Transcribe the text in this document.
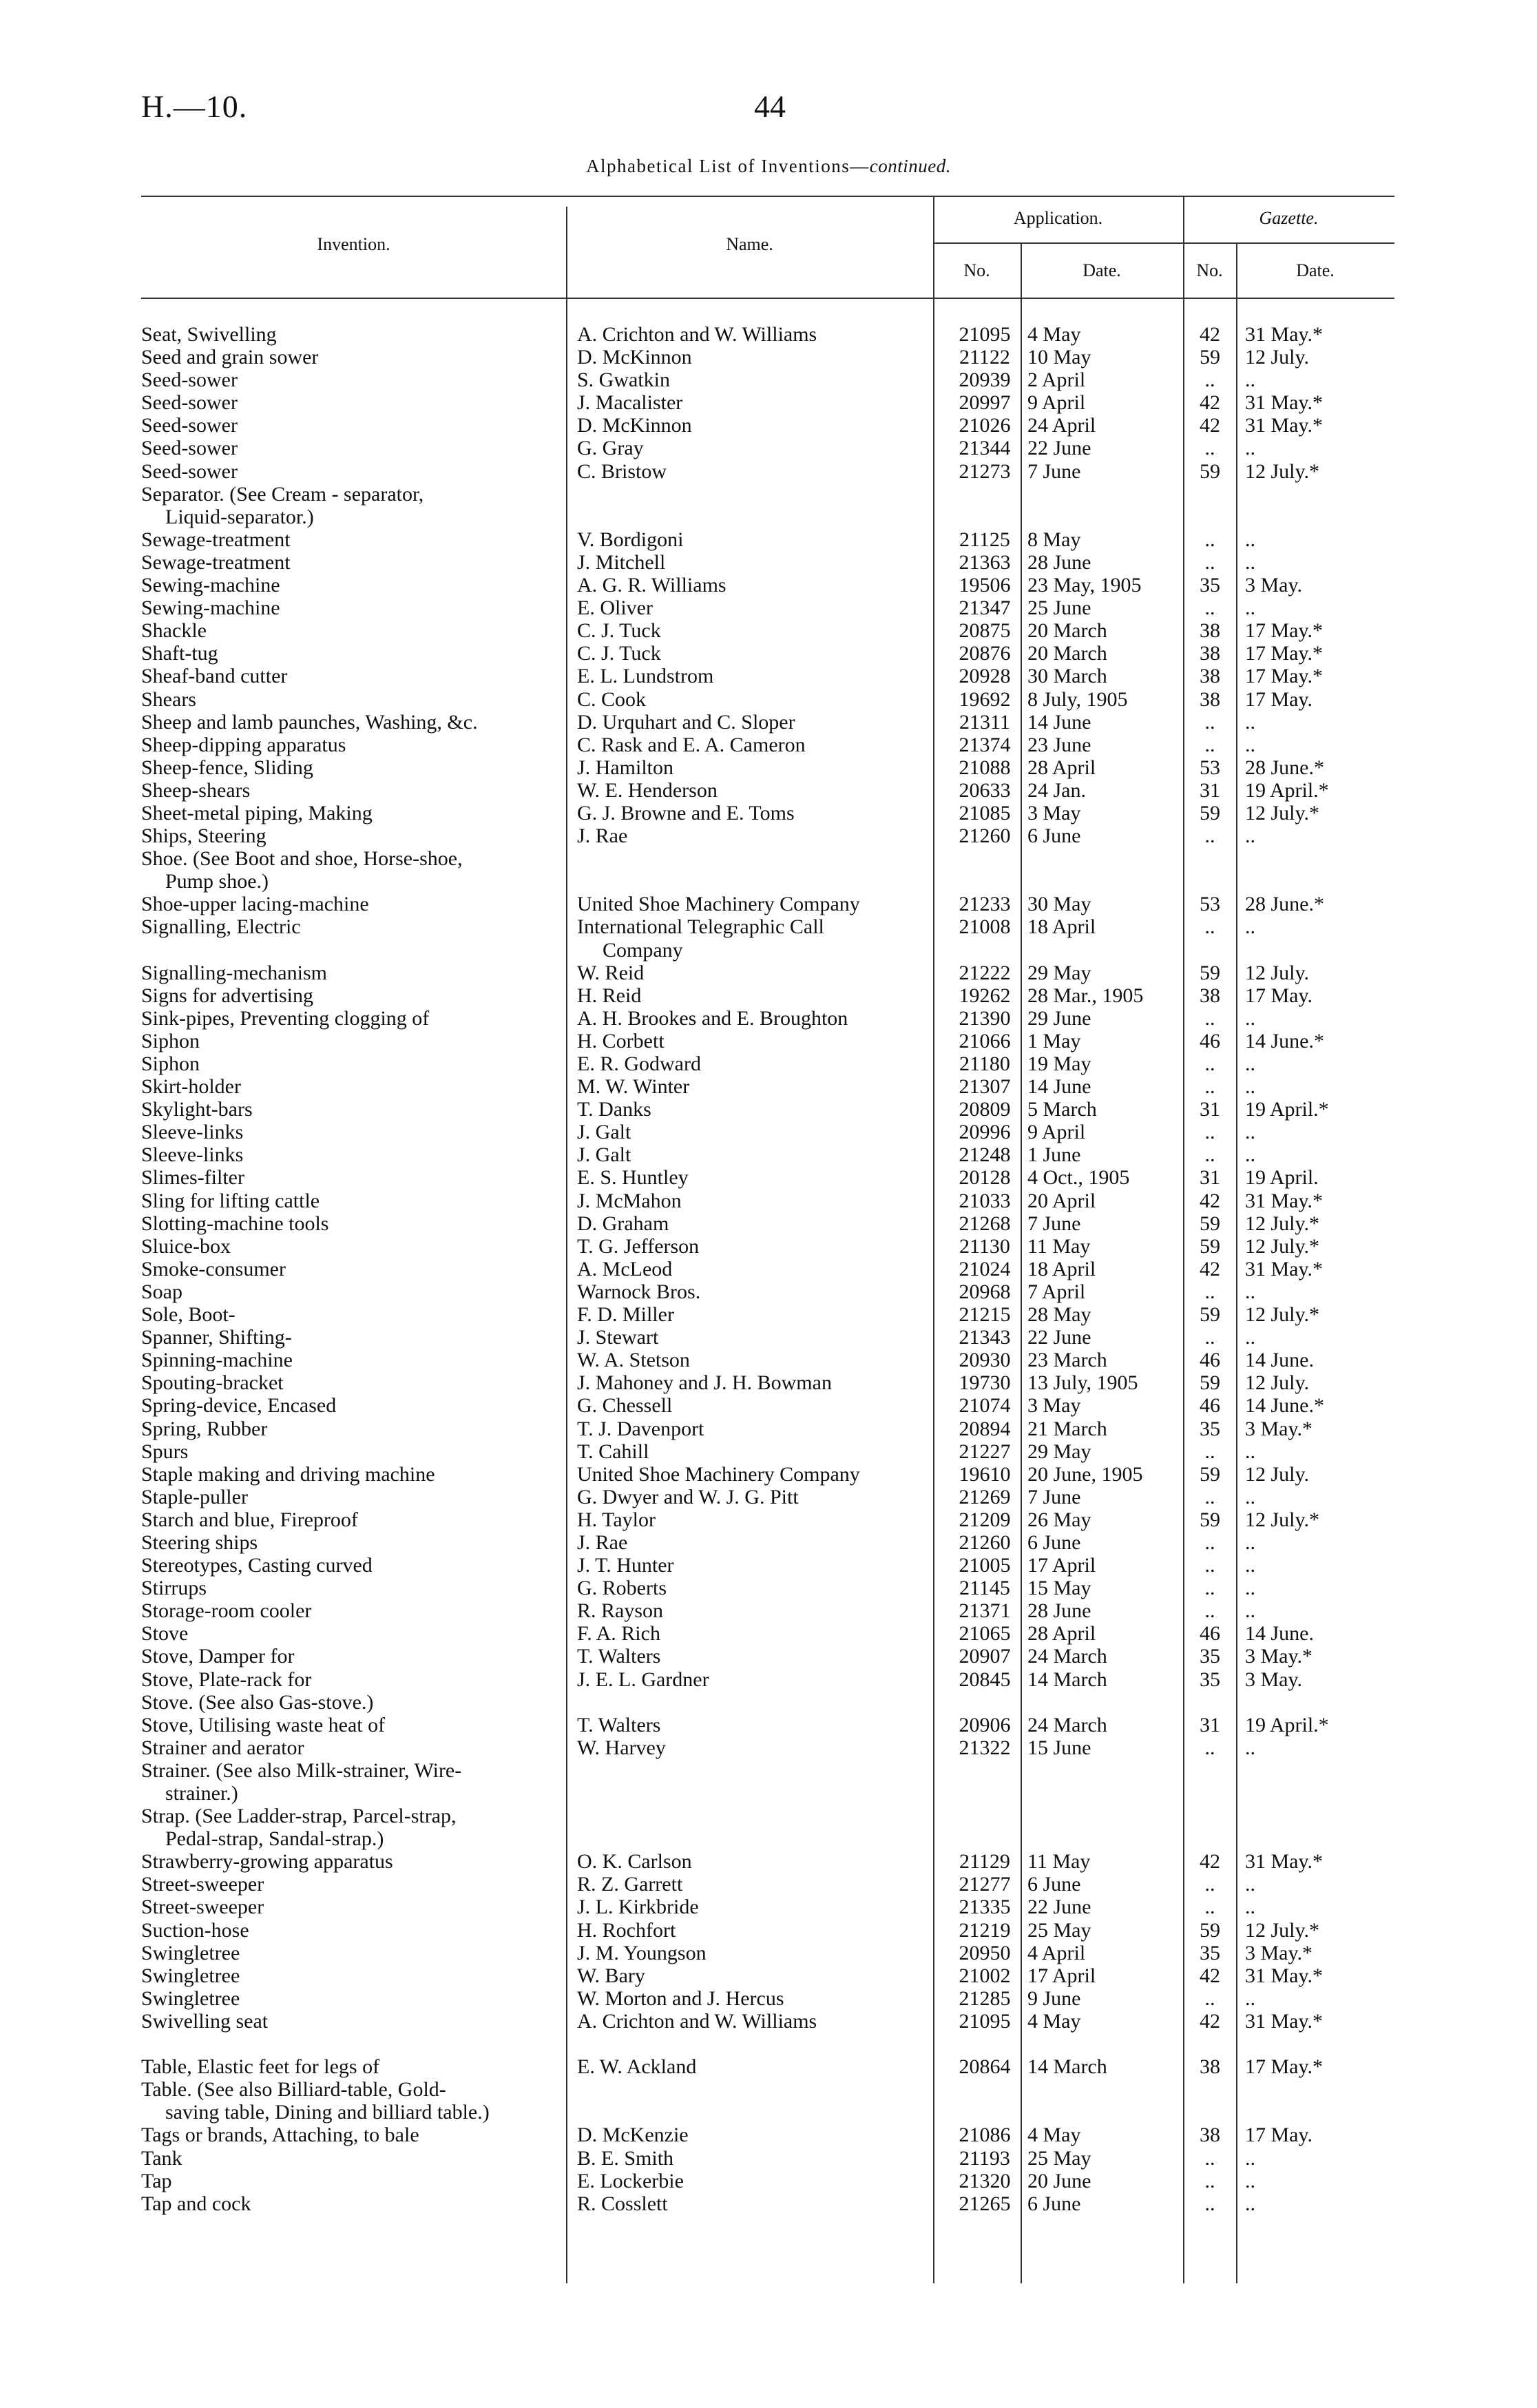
H.—10.	44
Alphabetical List of Inventions—continued.
Invention.	Name.
Application.	Gazette.
No.	Date.	No.	Date.
Seat, Swivelling	A. Crichton and W. Williams	21095 4 May	42	31 May.*
Seed and grain sower	D. McKinnon	21122 10 May	59	12 July.
Seed-sower	S. Gwatkin	20939 2 April	..	..
Seed-sower	J. Macalister	20997 9 April	42	31 May.*
Seed-sower	D. McKinnon	21026 24 April	42	31 May.*
Seed-sower	G. Gray	21344 22 June	..	..
Seed-sower	C. Bristow	21273 7 June	59	12 July.*
Separator. (See Cream - separator,
Liquid-separator.)
Sewage-treatment	V. Bordigoni	21125 8 May	..	..
Sewage-treatment	J. Mitchell	21363 28 June	..	..
Sewing-machine	A. G. R. Williams	19506 23 May, 1905	35	3 May.
Sewing-machine	E. Oliver	21347 25 June	..	..
Shackle	C. J. Tuck	20875 20 March	38	17 May.*
Shaft-tug	C. J. Tuck	20876 20 March	38	17 May.*
Sheaf-band cutter	E. L. Lundstrom	20928 30 March	38	17 May.*
Shears	C. Cook	19692 8 July, 1905	38	17 May.
Sheep and lamb paunches, Washing, &c.	D. Urquhart and C. Sloper	21311 14 June	..	..
Sheep-dipping apparatus	C. Rask and E. A. Cameron	21374 23 June	..	..
Sheep-fence, Sliding	J. Hamilton	21088 28 April	53	28 June.*
Sheep-shears	W. E. Henderson	20633 24 Jan.	31	19 April.*
Sheet-metal piping, Making	G. J. Browne and E. Toms	21085 3 May	59	12 July.*
Ships, Steering	J. Rae	21260 6 June	..	..
Shoe. (See Boot and shoe, Horse-shoe,
Pump shoe.)
Shoe-upper lacing-machine	United Shoe Machinery Company	21233 30 May	53	28 June.*
Signalling, Electric	International Telegraphic Call	21008 18 April	..	..
Company
Signalling-mechanism	W. Reid	21222 29 May	59	12 July.
Signs for advertising	H. Reid	19262 28 Mar., 1905	38	17 May.
Sink-pipes, Preventing clogging of	A. H. Brookes and E. Broughton	21390 29 June	..	..
Siphon	H. Corbett	21066 1 May	46	14 June.*
Siphon	E. R. Godward	21180 19 May	..	..
Skirt-holder	M. W. Winter	21307 14 June	..	..
Skylight-bars	T. Danks	20809 5 March	31	19 April.*
Sleeve-links	J. Galt	20996 9 April	..	..
Sleeve-links	J. Galt	21248 1 June	..	..
Slimes-filter	E. S. Huntley	20128 4 Oct., 1905	31	19 April.
Sling for lifting cattle	J. McMahon	21033 20 April	42	31 May.*
Slotting-machine tools	D. Graham	21268 7 June	59	12 July.*
Sluice-box	T. G. Jefferson	21130 11 May	59	12 July.*
Smoke-consumer	A. McLeod	21024 18 April	42	31 May.*
Soap	Warnock Bros.	20968 7 April	..	..
Sole, Boot-	F. D. Miller	21215 28 May	59	12 July.*
Spanner, Shifting-	J. Stewart	21343 22 June	..	..
Spinning-machine	W. A. Stetson	20930 23 March	46	14 June.
Spouting-bracket	J. Mahoney and J. H. Bowman	19730 13 July, 1905	59	12 July.
Spring-device, Encased	G. Chessell	21074 3 May	46	14 June.*
Spring, Rubber	T. J. Davenport	20894 21 March	35	3 May.*
Spurs	T. Cahill	21227 29 May	..	..
Staple making and driving machine	United Shoe Machinery Company	19610 20 June, 1905	59	12 July.
Staple-puller	G. Dwyer and W. J. G. Pitt	21269 7 June	..	..
Starch and blue, Fireproof	H. Taylor	21209 26 May	59	12 July.*
Steering ships	J. Rae	21260 6 June	..	..
Stereotypes, Casting curved	J. T. Hunter	21005 17 April	..	..
Stirrups	G. Roberts	21145 15 May	..	..
Storage-room cooler	R. Rayson	21371 28 June	..	..
Stove	F. A. Rich	21065 28 April	46	14 June.
Stove, Damper for	T. Walters	20907 24 March	35	3 May.*
Stove, Plate-rack for	J. E. L. Gardner	20845 14 March	35	3 May.
Stove. (See also Gas-stove.)
Stove, Utilising waste heat of	T. Walters	20906 24 March	31	19 April.*
Strainer and aerator	W. Harvey	21322 15 June	..	..
Strainer. (See also Milk-strainer, Wire-
strainer.)
Strap. (See Ladder-strap, Parcel-strap,
Pedal-strap, Sandal-strap.)
Strawberry-growing apparatus	O. K. Carlson	21129 11 May	42	31 May.*
Street-sweeper	R. Z. Garrett	21277 6 June	..	..
Street-sweeper	J. L. Kirkbride	21335 22 June	..	..
Suction-hose	H. Rochfort	21219 25 May	59	12 July.*
Swingletree	J. M. Youngson	20950 4 April	35	3 May.*
Swingletree	W. Bary	21002 17 April	42	31 May.*
Swingletree	W. Morton and J. Hercus	21285 9 June	..	..
Swivelling seat	A. Crichton and W. Williams	21095 4 May	42	31 May.*
Table, Elastic feet for legs of	E. W. Ackland	20864 14 March	38	17 May.*
Table. (See also Billiard-table, Gold-
saving table, Dining and billiard table.)
Tags or brands, Attaching, to bale	D. McKenzie	21086 4 May	38	17 May.
Tank	B. E. Smith	21193 25 May	..	..
Tap	E. Lockerbie	21320 20 June	..	..
Tap and cock	R. Cosslett	21265 6 June	..	..
